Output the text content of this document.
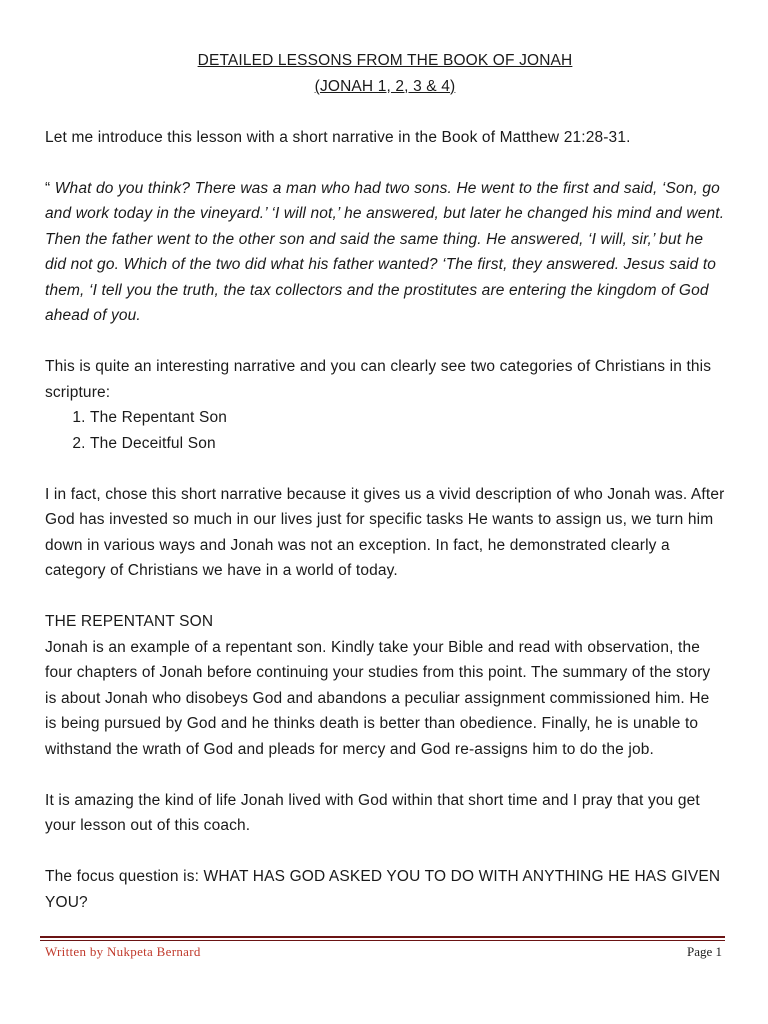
DETAILED LESSONS FROM THE BOOK OF JONAH
(JONAH 1, 2, 3 & 4)

Let me introduce this lesson with a short narrative in the Book of Matthew 21:28-31.

“ What do you think? There was a man who had two sons. He went to the first and said, ‘Son, go and work today in the vineyard.’ ‘I will not,’ he answered, but later he changed his mind and went. Then the father went to the other son and said the same thing. He answered, ‘I will, sir,’ but he did not go. Which of the two did what his father wanted? ‘The first, they answered. Jesus said to them, ‘I tell you the truth, the tax collectors and the prostitutes are entering the kingdom of God ahead of you.

This is quite an interesting narrative and you can clearly see two categories of Christians in this scripture:

1. The Repentant Son
2. The Deceitful Son

I in fact, chose this short narrative because it gives us a vivid description of who Jonah was. After God has invested so much in our lives just for specific tasks He wants to assign us, we turn him down in various ways and Jonah was not an exception. In fact, he demonstrated clearly a category of Christians we have in a world of today.

THE REPENTANT SON

Jonah is an example of a repentant son. Kindly take your Bible and read with observation, the four chapters of Jonah before continuing your studies from this point. The summary of the story is about Jonah who disobeys God and abandons a peculiar assignment commissioned him. He is being pursued by God and he thinks death is better than obedience. Finally, he is unable to withstand the wrath of God and pleads for mercy and God re-assigns him to do the job.

It is amazing the kind of life Jonah lived with God within that short time and I pray that you get your lesson out of this coach.

The focus question is: WHAT HAS GOD ASKED YOU TO DO WITH ANYTHING HE HAS GIVEN YOU?

Written by Nukpeta Bernard	Page 1
